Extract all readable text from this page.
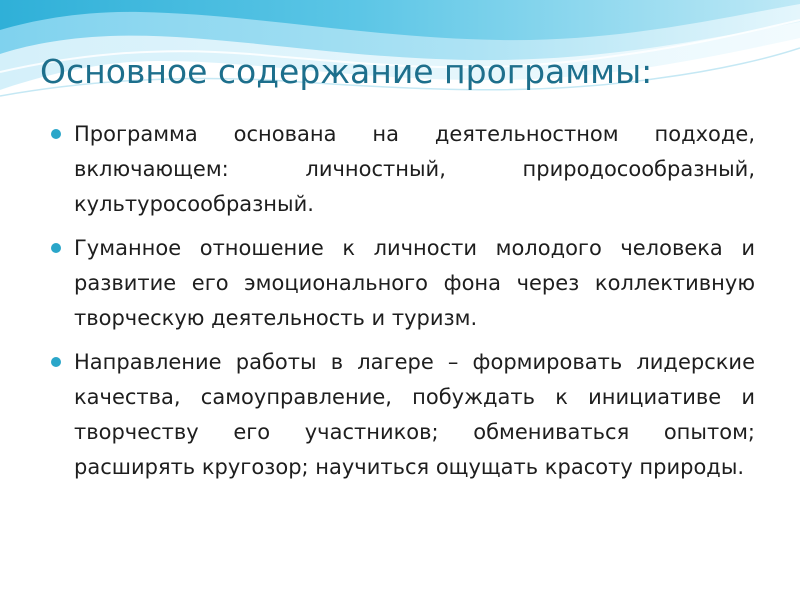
Основное содержание программы:
Программа основана на деятельностном подходе, включающем: личностный, природосообразный, культуросообразный.
Гуманное отношение к личности молодого человека и развитие его эмоционального фона через коллективную творческую деятельность и туризм.
Направление работы в лагере – формировать лидерские качества, самоуправление, побуждать к инициативе и творчеству его участников; обмениваться опытом; расширять кругозор; научиться ощущать красоту природы.
